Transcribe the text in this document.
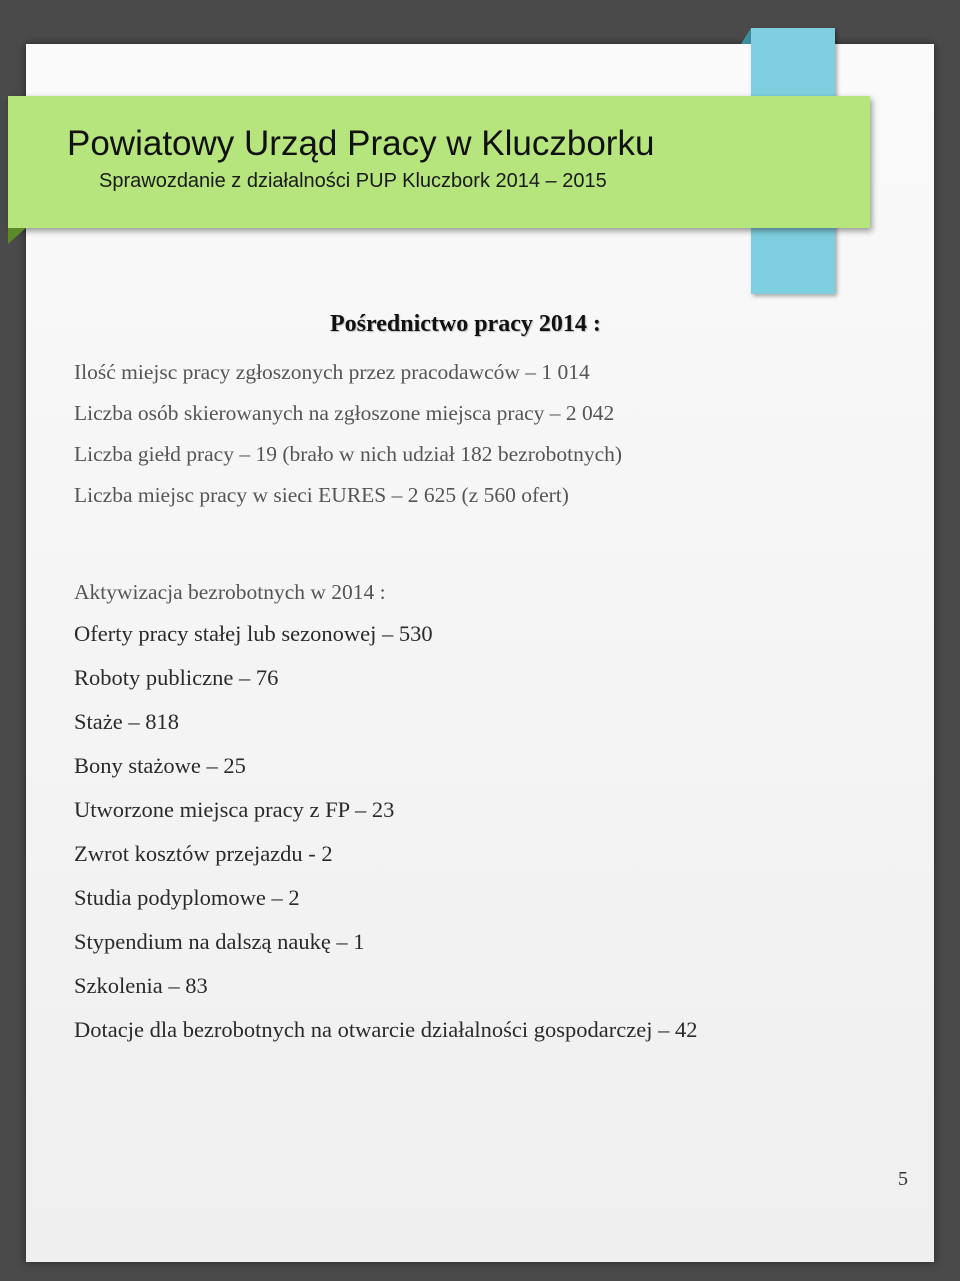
Powiatowy Urząd Pracy w Kluczborku
Sprawozdanie z działalności PUP Kluczbork 2014 – 2015
Pośrednictwo pracy 2014 :
Ilość miejsc pracy zgłoszonych przez pracodawców – 1 014
Liczba osób skierowanych na zgłoszone miejsca pracy – 2 042
Liczba giełd pracy – 19 (brało w nich udział 182 bezrobotnych)
Liczba miejsc pracy w sieci EURES – 2 625 (z 560 ofert)
Aktywizacja bezrobotnych w 2014 :
Oferty pracy stałej lub sezonowej – 530
Roboty publiczne – 76
Staże – 818
Bony stażowe – 25
Utworzone miejsca pracy z FP – 23
Zwrot kosztów przejazdu - 2
Studia podyplomowe – 2
Stypendium na dalszą naukę – 1
Szkolenia – 83
Dotacje dla bezrobotnych na otwarcie działalności gospodarczej – 42
5
